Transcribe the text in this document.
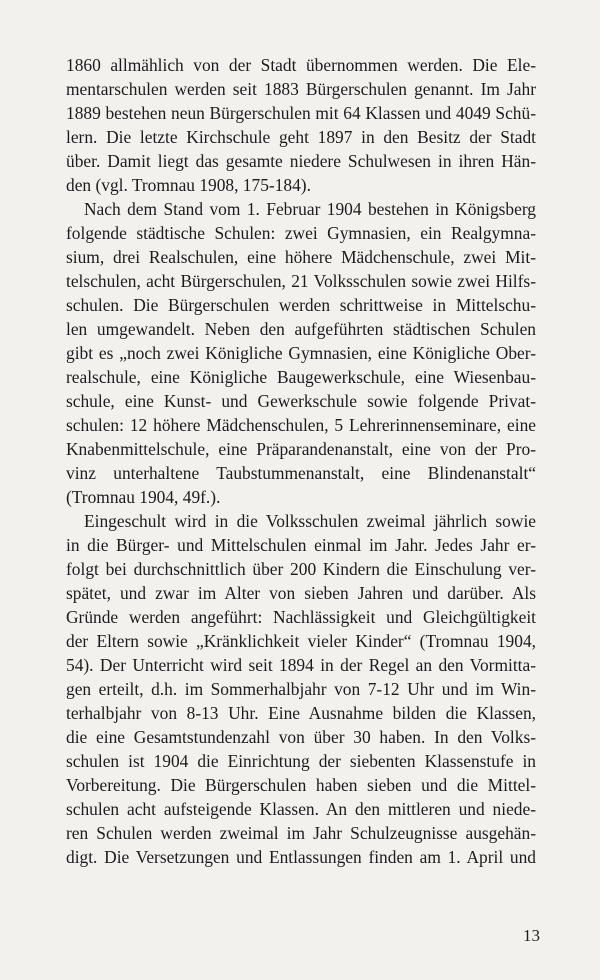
1860 allmählich von der Stadt übernommen werden. Die Ele-
mentarschulen werden seit 1883 Bürgerschulen genannt. Im Jahr
1889 bestehen neun Bürgerschulen mit 64 Klassen und 4049 Schü-
lern. Die letzte Kirchschule geht 1897 in den Besitz der Stadt
über. Damit liegt das gesamte niedere Schulwesen in ihren Hän-
den (vgl. Tromnau 1908, 175-184).
Nach dem Stand vom 1. Februar 1904 bestehen in Königsberg
folgende städtische Schulen: zwei Gymnasien, ein Realgymna-
sium, drei Realschulen, eine höhere Mädchenschule, zwei Mit-
telschulen, acht Bürgerschulen, 21 Volksschulen sowie zwei Hilfs-
schulen. Die Bürgerschulen werden schrittweise in Mittelschu-
len umgewandelt. Neben den aufgeführten städtischen Schulen
gibt es „noch zwei Königliche Gymnasien, eine Königliche Ober-
realschule, eine Königliche Baugewerkschule, eine Wiesenbau-
schule, eine Kunst- und Gewerkschule sowie folgende Privat-
schulen: 12 höhere Mädchenschulen, 5 Lehrerinnenseminare, eine
Knabenmittelschule, eine Präparandenanstalt, eine von der Pro-
vinz unterhaltene Taubstummenanstalt, eine Blindenanstalt“
(Tromnau 1904, 49f.).
Eingeschult wird in die Volksschulen zweimal jährlich sowie
in die Bürger- und Mittelschulen einmal im Jahr. Jedes Jahr er-
folgt bei durchschnittlich über 200 Kindern die Einschulung ver-
spätet, und zwar im Alter von sieben Jahren und darüber. Als
Gründe werden angeführt: Nachlässigkeit und Gleichgültigkeit
der Eltern sowie „Kränklichkeit vieler Kinder“ (Tromnau 1904,
54). Der Unterricht wird seit 1894 in der Regel an den Vormitta-
gen erteilt, d.h. im Sommerhalbjahr von 7-12 Uhr und im Win-
terhalbjahr von 8-13 Uhr. Eine Ausnahme bilden die Klassen,
die eine Gesamtstundenzahl von über 30 haben. In den Volks-
schulen ist 1904 die Einrichtung der siebenten Klassenstufe in
Vorbereitung. Die Bürgerschulen haben sieben und die Mittel-
schulen acht aufsteigende Klassen. An den mittleren und niede-
ren Schulen werden zweimal im Jahr Schulzeugnisse ausgehän-
digt. Die Versetzungen und Entlassungen finden am 1. April und
13
